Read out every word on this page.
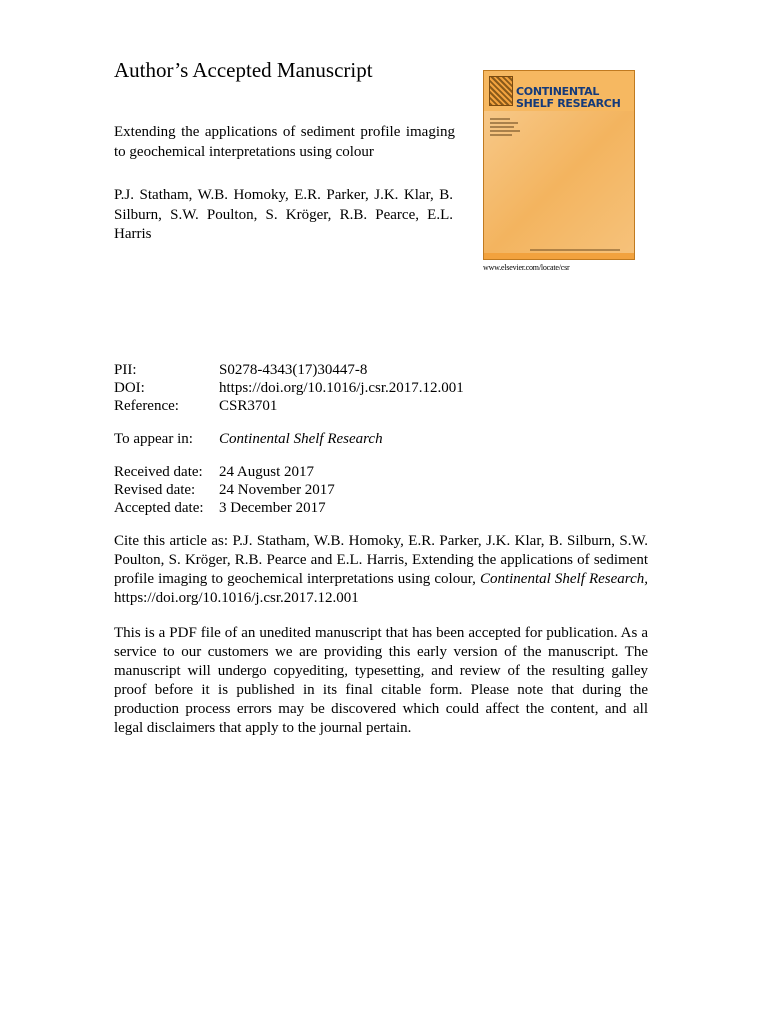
Author’s Accepted Manuscript
Extending the applications of sediment profile imaging to geochemical interpretations using colour
P.J. Statham, W.B. Homoky, E.R. Parker, J.K. Klar, B. Silburn, S.W. Poulton, S. Kröger, R.B. Pearce, E.L. Harris
CONTINENTAL SHELF RESEARCH
www.elsevier.com/locate/csr
PII:	S0278-4343(17)30447-8
DOI:	https://doi.org/10.1016/j.csr.2017.12.001
Reference:	CSR3701
To appear in: Continental Shelf Research
Received date: 24 August 2017
Revised date: 24 November 2017
Accepted date: 3 December 2017
Cite this article as: P.J. Statham, W.B. Homoky, E.R. Parker, J.K. Klar, B. Silburn, S.W. Poulton, S. Kröger, R.B. Pearce and E.L. Harris, Extending the applications of sediment profile imaging to geochemical interpretations using colour, Continental Shelf Research, https://doi.org/10.1016/j.csr.2017.12.001
This is a PDF file of an unedited manuscript that has been accepted for publication. As a service to our customers we are providing this early version of the manuscript. The manuscript will undergo copyediting, typesetting, and review of the resulting galley proof before it is published in its final citable form. Please note that during the production process errors may be discovered which could affect the content, and all legal disclaimers that apply to the journal pertain.
